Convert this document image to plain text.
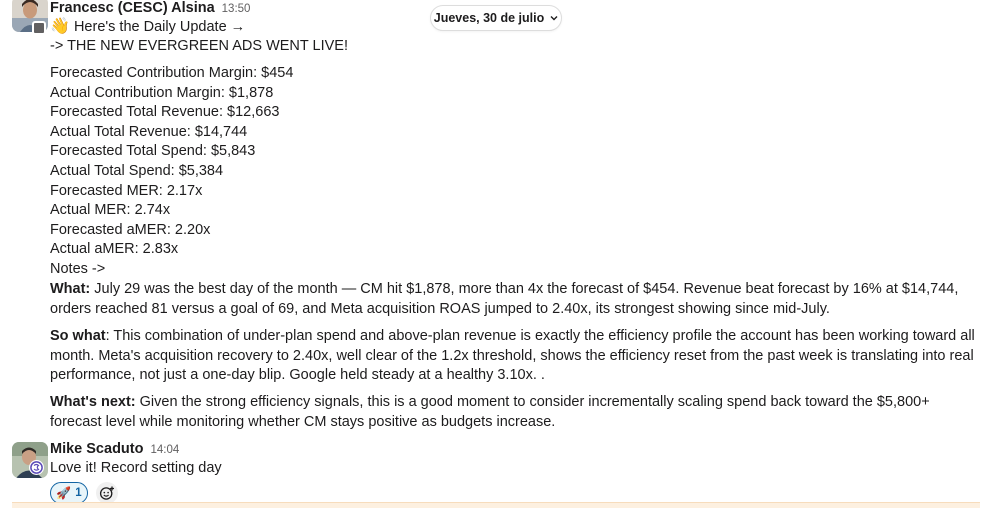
Francesc (CESC) Alsina 13:50
👋 Here's the Daily Update →
-> THE NEW EVERGREEN ADS WENT LIVE!
Forecasted Contribution Margin: $454
Actual Contribution Margin: $1,878
Forecasted Total Revenue: $12,663
Actual Total Revenue: $14,744
Forecasted Total Spend: $5,843
Actual Total Spend: $5,384
Forecasted MER: 2.17x
Actual MER: 2.74x
Forecasted aMER: 2.20x
Actual aMER: 2.83x
Notes ->
What: July 29 was the best day of the month — CM hit $1,878, more than 4x the forecast of $454. Revenue beat forecast by 16% at $14,744, orders reached 81 versus a goal of 69, and Meta acquisition ROAS jumped to 2.40x, its strongest showing since mid-July.
So what: This combination of under-plan spend and above-plan revenue is exactly the efficiency profile the account has been working toward all month. Meta's acquisition recovery to 2.40x, well clear of the 1.2x threshold, shows the efficiency reset from the past week is translating into real performance, not just a one-day blip. Google held steady at a healthy 3.10x. .
What's next: Given the strong efficiency signals, this is a good moment to consider incrementally scaling spend back toward the $5,800+ forecast level while monitoring whether CM stays positive as budgets increase.
Jueves, 30 de julio
Mike Scaduto 14:04
Love it! Record setting day
🚀 1
